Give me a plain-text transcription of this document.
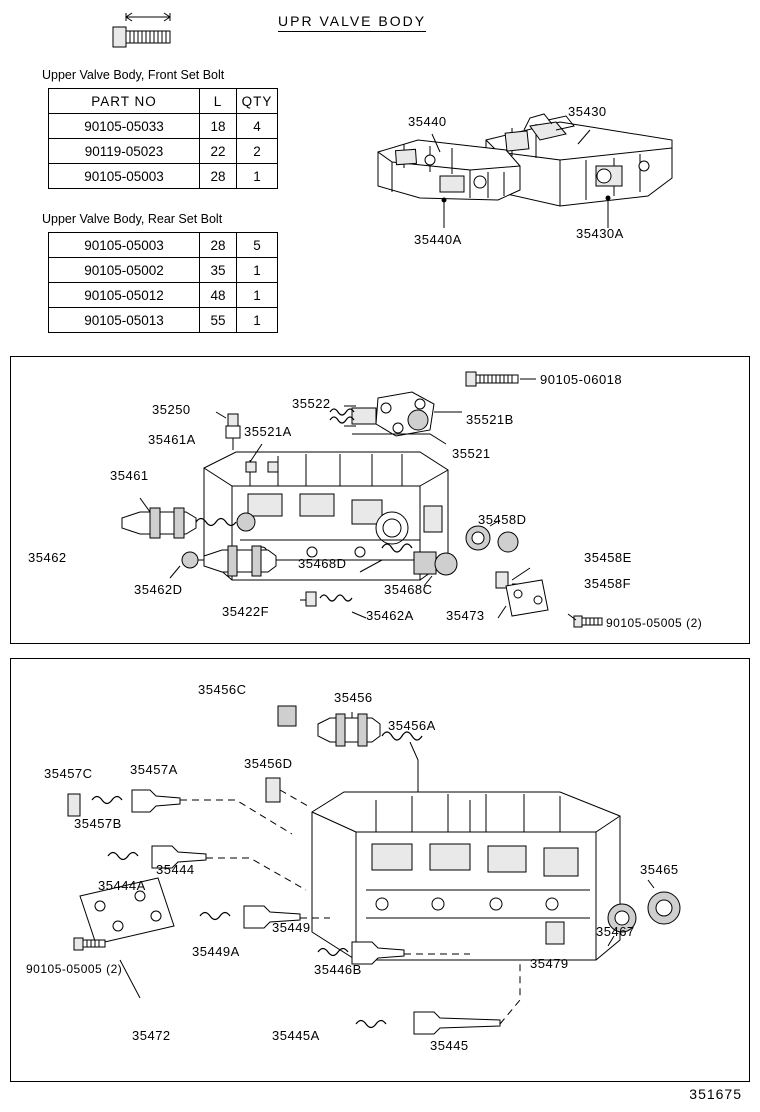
UPR VALVE BODY
Upper Valve Body, Front Set Bolt
PART NO	L	QTY
90105-05033	18	4
90119-05023	22	2
90105-05003	28	1
Upper Valve Body, Rear Set Bolt
90105-05003	28	5
90105-05002	35	1
90105-05012	48	1
90105-05013	55	1
35440
35430
35440A	35430A
90105-06018
35522
35521B
35521
35521A
35250
35461A
35461
35462
35462D
35422F	35462A
35468D
35468C
35473
35458D
35458E
35458F
90105-05005 (2)
35456C
35456
35456A
35456D
35457C	35457A
35457B
35444
35444A
35449
35449A
35446B
35445
35445A
35472
90105-05005 (2)	35479
35467
35465
351675
